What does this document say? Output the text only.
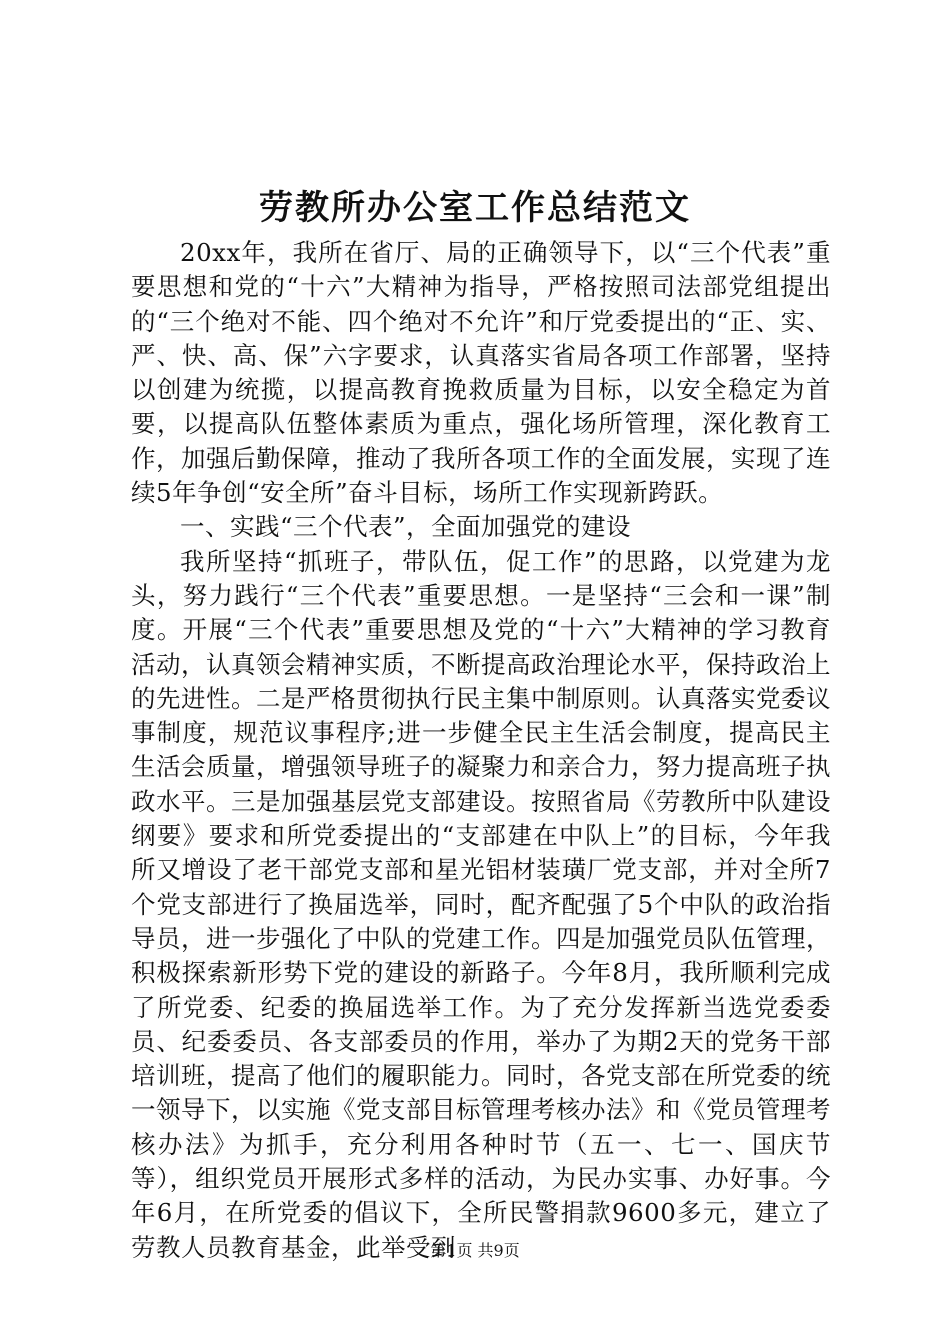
劳教所办公室工作总结范文

20xx年，我所在省厅、局的正确领导下，以“三个代表”重要思想和党的“十六”大精神为指导，严格按照司法部党组提出的“三个绝对不能、四个绝对不允许”和厅党委提出的“正、实、严、快、高、保”六字要求，认真落实省局各项工作部署，坚持以创建为统揽，以提高教育挽救质量为目标，以安全稳定为首要，以提高队伍整体素质为重点，强化场所管理，深化教育工作，加强后勤保障，推动了我所各项工作的全面发展，实现了连续5年争创“安全所”奋斗目标，场所工作实现新跨跃。

一、实践“三个代表”，全面加强党的建设

我所坚持“抓班子，带队伍，促工作”的思路，以党建为龙头，努力践行“三个代表”重要思想。一是坚持“三会和一课”制度。开展“三个代表”重要思想及党的“十六”大精神的学习教育活动，认真领会精神实质，不断提高政治理论水平，保持政治上的先进性。二是严格贯彻执行民主集中制原则。认真落实党委议事制度，规范议事程序;进一步健全民主生活会制度，提高民主生活会质量，增强领导班子的凝聚力和亲合力，努力提高班子执政水平。三是加强基层党支部建设。按照省局《劳教所中队建设纲要》要求和所党委提出的“支部建在中队上”的目标，今年我所又增设了老干部党支部和星光铝材装璜厂党支部，并对全所7个党支部进行了换届选举，同时，配齐配强了5个中队的政治指导员，进一步强化了中队的党建工作。四是加强党员队伍管理，积极探索新形势下党的建设的新路子。今年8月，我所顺利完成了所党委、纪委的换届选举工作。为了充分发挥新当选党委委员、纪委委员、各支部委员的作用，举办了为期2天的党务干部培训班，提高了他们的履职能力。同时，各党支部在所党委的统一领导下，以实施《党支部目标管理考核办法》和《党员管理考核办法》为抓手，充分利用各种时节（五一、七一、国庆节等），组织党员开展形式多样的活动，为民办实事、办好事。今年6月，在所党委的倡议下，全所民警捐款9600多元，建立了劳教人员教育基金，此举受到

第1页 共9页
